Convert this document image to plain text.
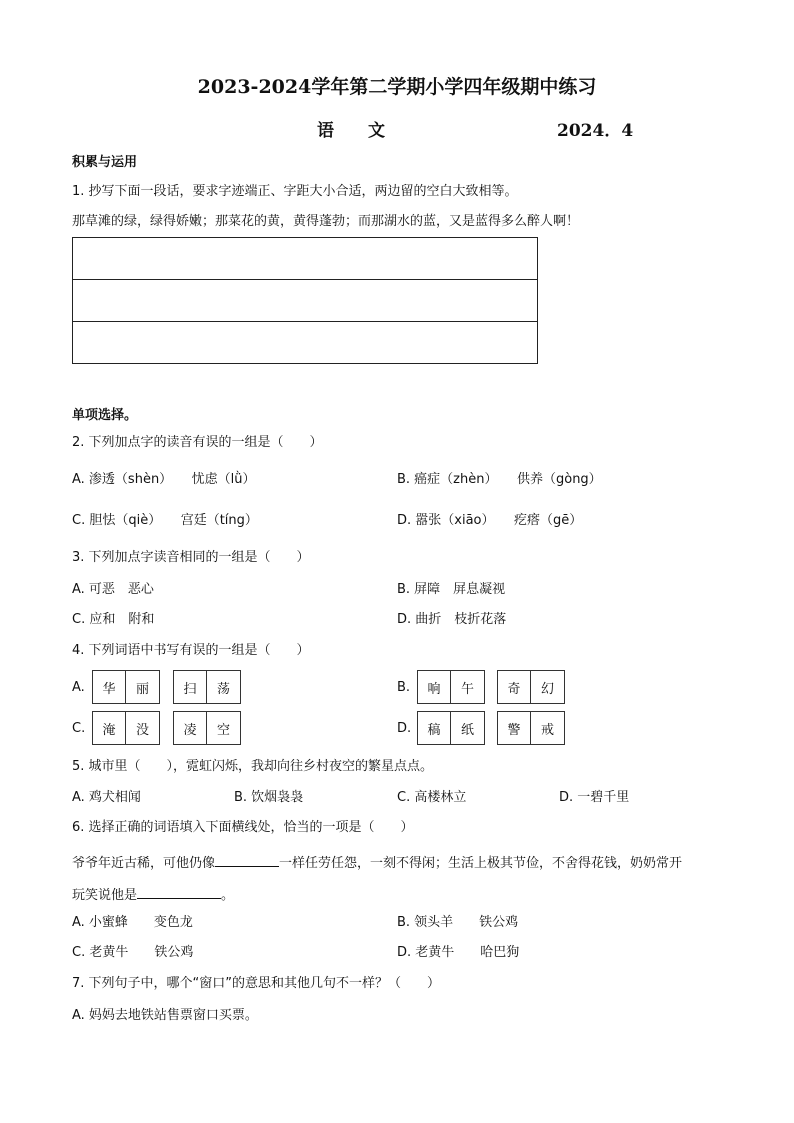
2023-2024学年第二学期小学四年级期中练习
语　　文	2024．4
积累与运用
1. 抄写下面一段话，要求字迹端正、字距大小合适，两边留的空白大致相等。
那草滩的绿，绿得娇嫩；那菜花的黄，黄得蓬勃；而那湖水的蓝，又是蓝得多么醉人啊！
单项选择。
2. 下列加点字的读音有误的一组是（　　）
A. 渗透（shèn）　　忧虑（lǜ）	B. 癌症（zhèn）　　供养（gòng）
C. 胆怯（qiè）　　宫廷（tíng）	D. 嚣张（xiāo）　　疙瘩（gē）
3. 下列加点字读音相同的一组是（　　）
A. 可恶　恶心	B. 屏障　屏息凝视
C. 应和　附和	D. 曲折　枝折花落
4. 下列词语中书写有误的一组是（　　）
A.	华	丽	扫	荡	B.	响	午	奇	幻
C.	淹	没	凌	空	D.	稿	纸	警	戒
5. 城市里（　　），霓虹闪烁，我却向往乡村夜空的繁星点点。
A. 鸡犬相闻	B. 饮烟袅袅	C. 高楼林立	D. 一碧千里
6. 选择正确的词语填入下面横线处，恰当的一项是（　　）
爷爷年近古稀，可他仍像	一样任劳任怨，一刻不得闲；生活上极其节俭，不舍得花钱，奶奶常开
玩笑说他是	。
A. 小蜜蜂　　变色龙	B. 领头羊　　铁公鸡
C. 老黄牛　　铁公鸡	D. 老黄牛　　哈巴狗
7. 下列句子中，哪个“窗口”的意思和其他几句不一样？（　　）
A. 妈妈去地铁站售票窗口买票。
